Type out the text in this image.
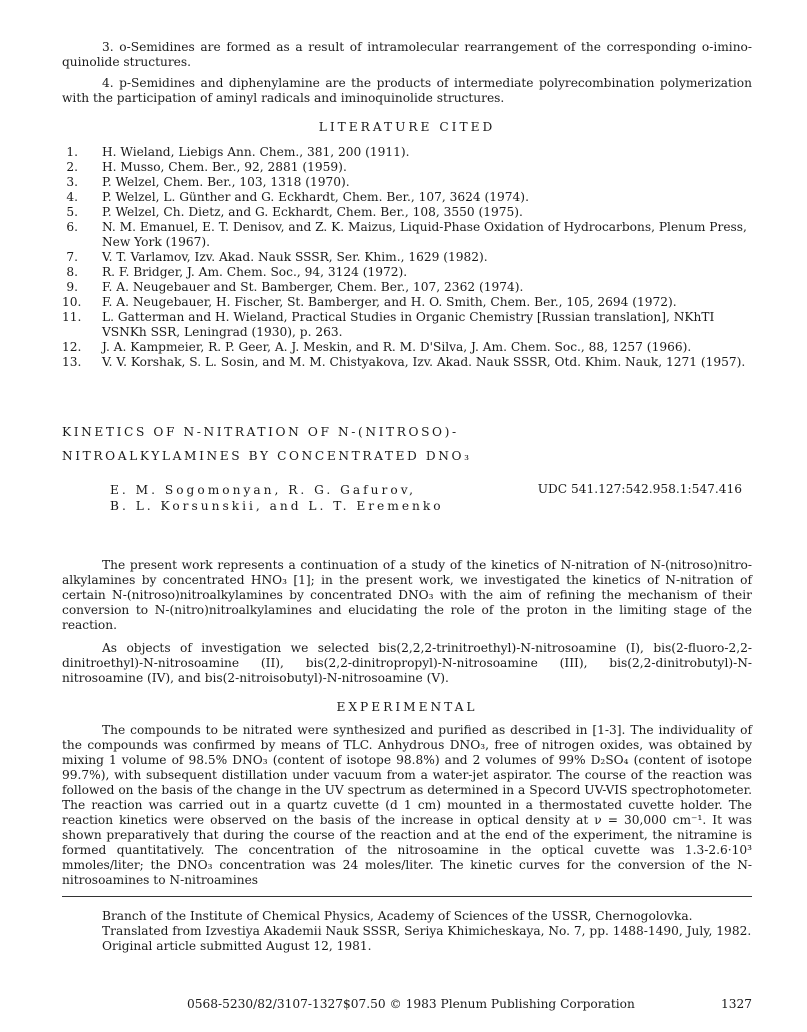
3. o-Semidines are formed as a result of intramolecular rearrangement of the corresponding o-imino-quinolide structures.

4. p-Semidines and diphenylamine are the products of intermediate polyrecombination polymerization with the participation of aminyl radicals and iminoquinolide structures.

LITERATURE CITED

1.	H. Wieland, Liebigs Ann. Chem., 381, 200 (1911).
2.	H. Musso, Chem. Ber., 92, 2881 (1959).
3.	P. Welzel, Chem. Ber., 103, 1318 (1970).
4.	P. Welzel, L. Günther and G. Eckhardt, Chem. Ber., 107, 3624 (1974).
5.	P. Welzel, Ch. Dietz, and G. Eckhardt, Chem. Ber., 108, 3550 (1975).
6.	N. M. Emanuel, E. T. Denisov, and Z. K. Maizus, Liquid-Phase Oxidation of Hydrocarbons, Plenum Press, New York (1967).
7.	V. T. Varlamov, Izv. Akad. Nauk SSSR, Ser. Khim., 1629 (1982).
8.	R. F. Bridger, J. Am. Chem. Soc., 94, 3124 (1972).
9.	F. A. Neugebauer and St. Bamberger, Chem. Ber., 107, 2362 (1974).
10.	F. A. Neugebauer, H. Fischer, St. Bamberger, and H. O. Smith, Chem. Ber., 105, 2694 (1972).
11.	L. Gatterman and H. Wieland, Practical Studies in Organic Chemistry [Russian translation], NKhTI VSNKh SSR, Leningrad (1930), p. 263.
12.	J. A. Kampmeier, R. P. Geer, A. J. Meskin, and R. M. D'Silva, J. Am. Chem. Soc., 88, 1257 (1966).
13.	V. V. Korshak, S. L. Sosin, and M. M. Chistyakova, Izv. Akad. Nauk SSSR, Otd. Khim. Nauk, 1271 (1957).
KINETICS OF N-NITRATION OF N-(NITROSO)-
NITROALKYLAMINES BY CONCENTRATED DNO₃
E. M. Sogomonyan, R. G. Gafurov,
B. L. Korsunskii, and L. T. Eremenko
UDC 541.127:542.958.1:547.416

The present work represents a continuation of a study of the kinetics of N-nitration of N-(nitroso)nitro-alkylamines by concentrated HNO₃ [1]; in the present work, we investigated the kinetics of N-nitration of certain N-(nitroso)nitroalkylamines by concentrated DNO₃ with the aim of refining the mechanism of their conversion to N-(nitro)nitroalkylamines and elucidating the role of the proton in the limiting stage of the reaction.

As objects of investigation we selected bis(2,2,2-trinitroethyl)-N-nitrosoamine (I), bis(2-fluoro-2,2-dinitroethyl)-N-nitrosoamine (II), bis(2,2-dinitropropyl)-N-nitrosoamine (III), bis(2,2-dinitrobutyl)-N-nitrosoamine (IV), and bis(2-nitroisobutyl)-N-nitrosoamine (V).

EXPERIMENTAL

The compounds to be nitrated were synthesized and purified as described in [1-3]. The individuality of the compounds was confirmed by means of TLC. Anhydrous DNO₃, free of nitrogen oxides, was obtained by mixing 1 volume of 98.5% DNO₃ (content of isotope 98.8%) and 2 volumes of 99% D₂SO₄ (content of isotope 99.7%), with subsequent distillation under vacuum from a water-jet aspirator. The course of the reaction was followed on the basis of the change in the UV spectrum as determined in a Specord UV-VIS spectrophotometer. The reaction was carried out in a quartz cuvette (d 1 cm) mounted in a thermostated cuvette holder. The reaction kinetics were observed on the basis of the increase in optical density at ν = 30,000 cm⁻¹. It was shown preparatively that during the course of the reaction and at the end of the experiment, the nitramine is formed quantitatively. The concentration of the nitrosoamine in the optical cuvette was 1.3-2.6·10³ mmoles/liter; the DNO₃ concentration was 24 moles/liter. The kinetic curves for the conversion of the N-nitrosoamines to N-nitroamines

Branch of the Institute of Chemical Physics, Academy of Sciences of the USSR, Chernogolovka. Translated from Izvestiya Akademii Nauk SSSR, Seriya Khimicheskaya, No. 7, pp. 1488-1490, July, 1982. Original article submitted August 12, 1981.

0568-5230/82/3107-1327$07.50 © 1983 Plenum Publishing Corporation	1327
